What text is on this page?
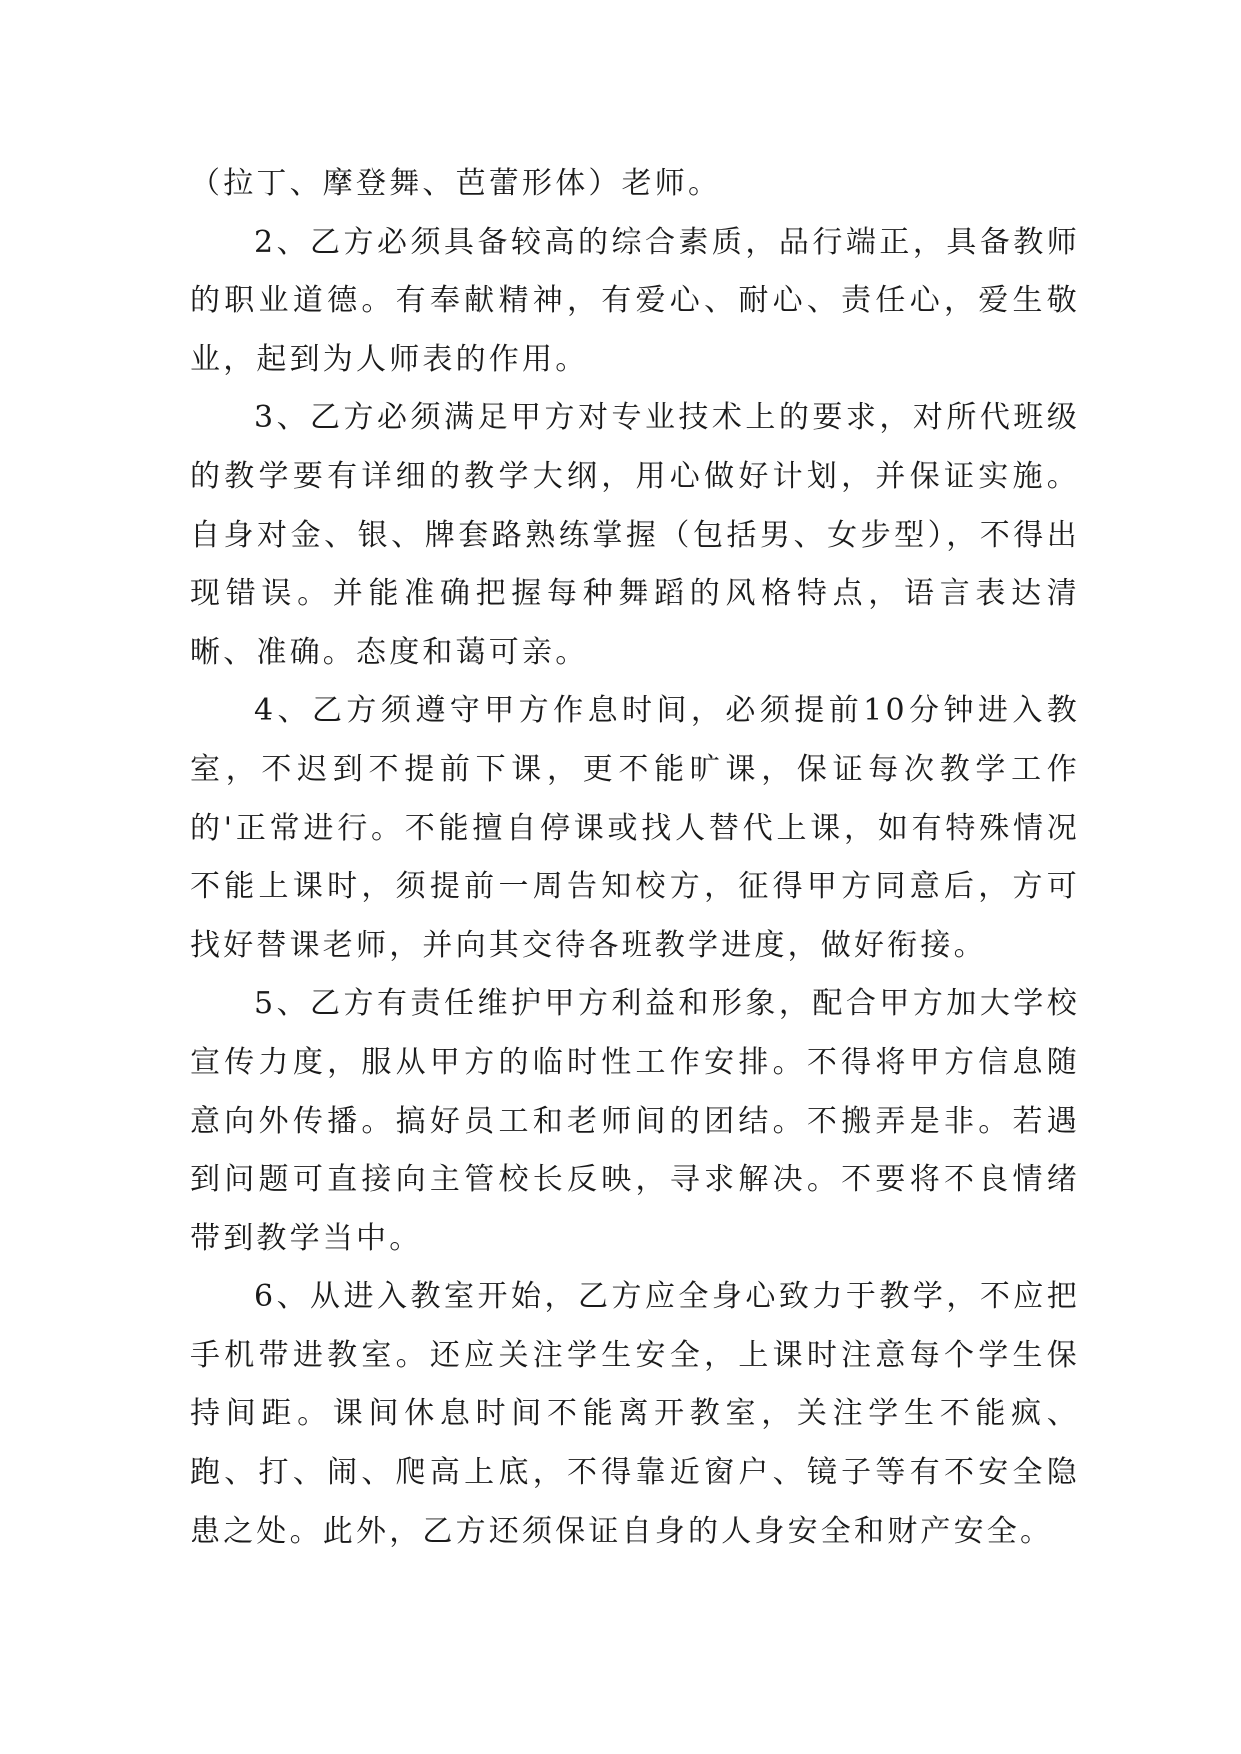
（拉丁、摩登舞、芭蕾形体）老师。

2、乙方必须具备较高的综合素质，品行端正，具备教师的职业道德。有奉献精神，有爱心、耐心、责任心，爱生敬业，起到为人师表的作用。

3、乙方必须满足甲方对专业技术上的要求，对所代班级的教学要有详细的教学大纲，用心做好计划，并保证实施。自身对金、银、牌套路熟练掌握（包括男、女步型），不得出现错误。并能准确把握每种舞蹈的风格特点，语言表达清晰、准确。态度和蔼可亲。

4、乙方须遵守甲方作息时间，必须提前10分钟进入教室，不迟到不提前下课，更不能旷课，保证每次教学工作的'正常进行。不能擅自停课或找人替代上课，如有特殊情况不能上课时，须提前一周告知校方，征得甲方同意后，方可找好替课老师，并向其交待各班教学进度，做好衔接。

5、乙方有责任维护甲方利益和形象，配合甲方加大学校宣传力度，服从甲方的临时性工作安排。不得将甲方信息随意向外传播。搞好员工和老师间的团结。不搬弄是非。若遇到问题可直接向主管校长反映，寻求解决。不要将不良情绪带到教学当中。

6、从进入教室开始，乙方应全身心致力于教学，不应把手机带进教室。还应关注学生安全，上课时注意每个学生保持间距。课间休息时间不能离开教室，关注学生不能疯、跑、打、闹、爬高上底，不得靠近窗户、镜子等有不安全隐患之处。此外，乙方还须保证自身的人身安全和财产安全。
